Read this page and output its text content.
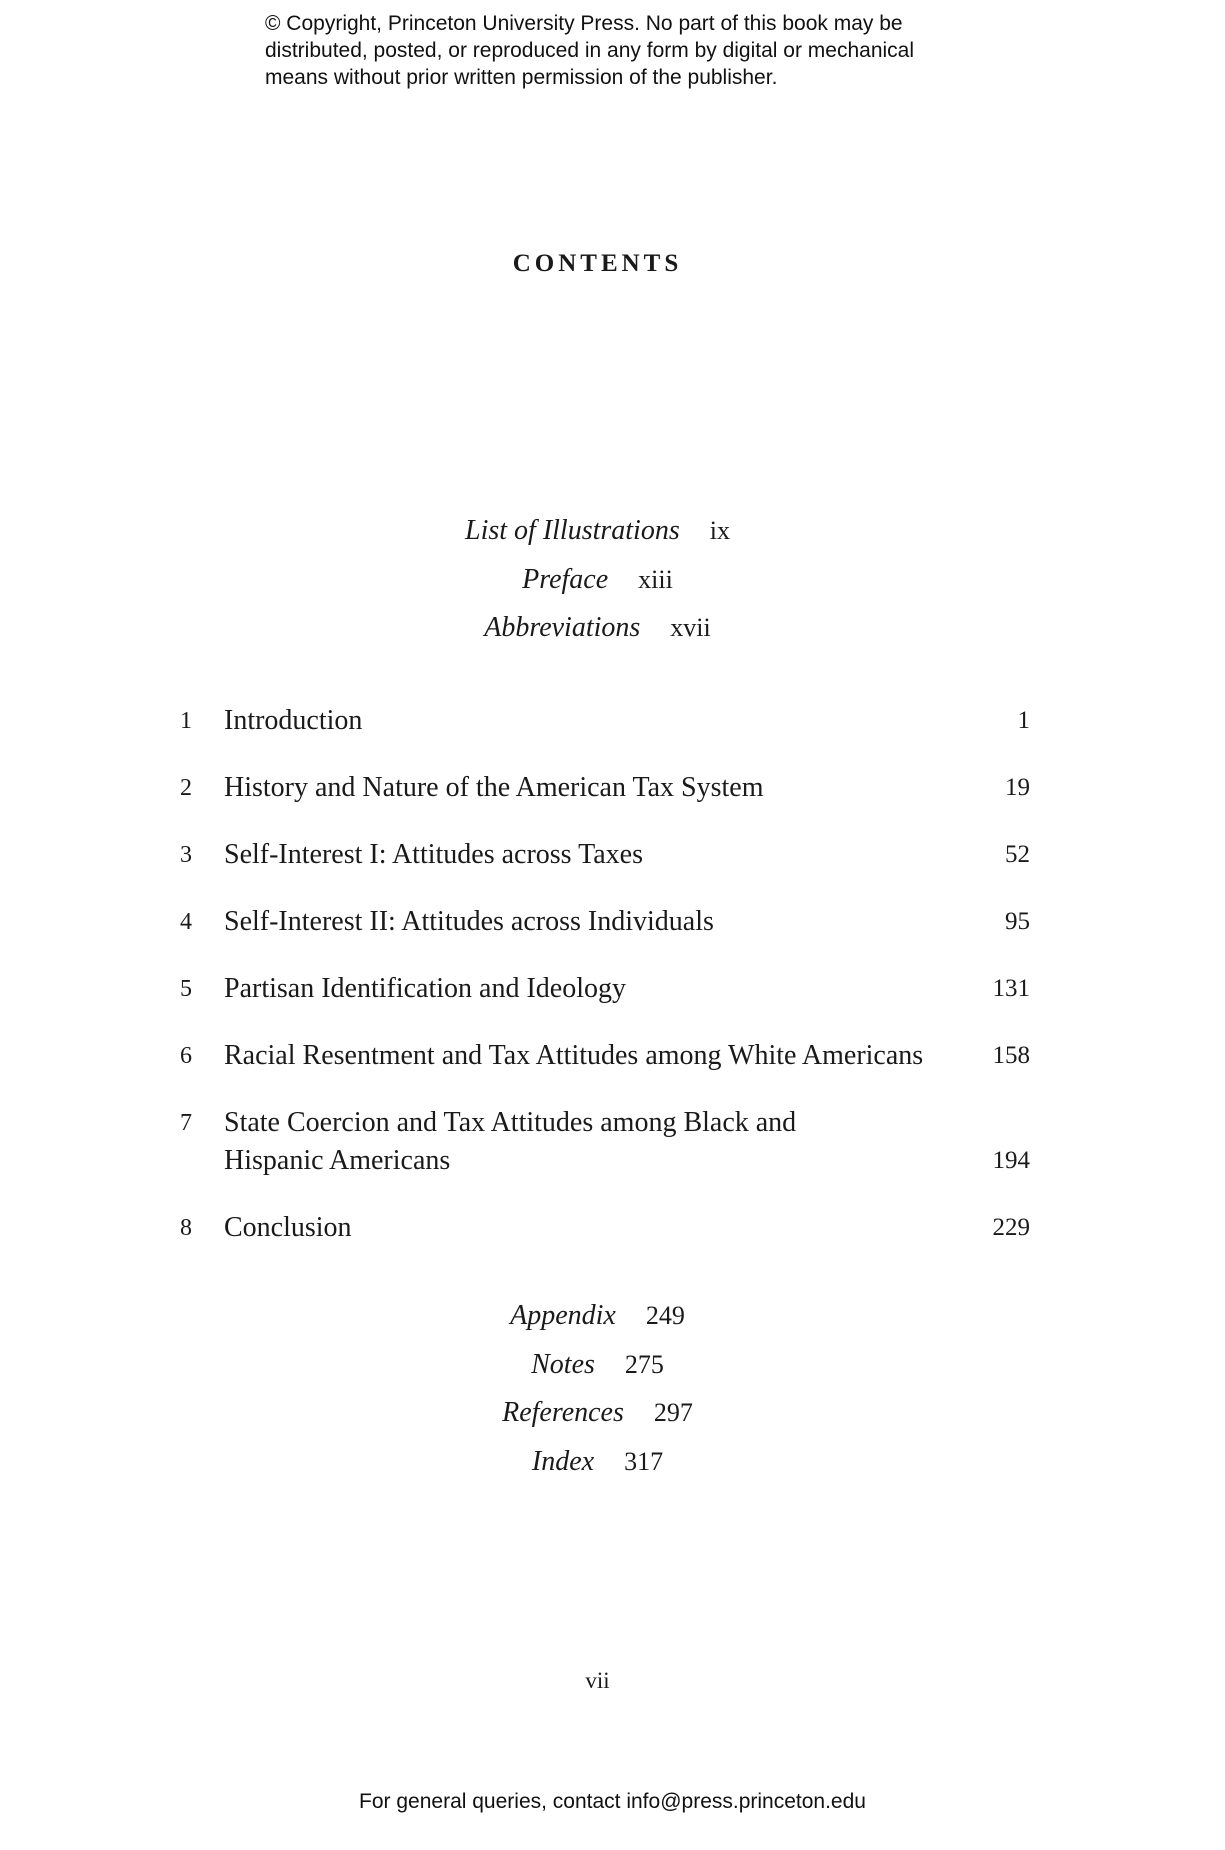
© Copyright, Princeton University Press. No part of this book may be
distributed, posted, or reproduced in any form by digital or mechanical
means without prior written permission of the publisher.

CONTENTS
List of Illustrations ix
Preface xiii
Abbreviations xvii
1	Introduction	1
2	History and Nature of the American Tax System	19
3	Self-Interest I: Attitudes across Taxes	52
4	Self-Interest II: Attitudes across Individuals	95
5	Partisan Identification and Ideology	131
6	Racial Resentment and Tax Attitudes among White Americans	158
7	State Coercion and Tax Attitudes among Black and
Hispanic Americans	194
8	Conclusion	229
Appendix 249
Notes 275
References 297
Index 317
vii
For general queries, contact info@press.princeton.edu
